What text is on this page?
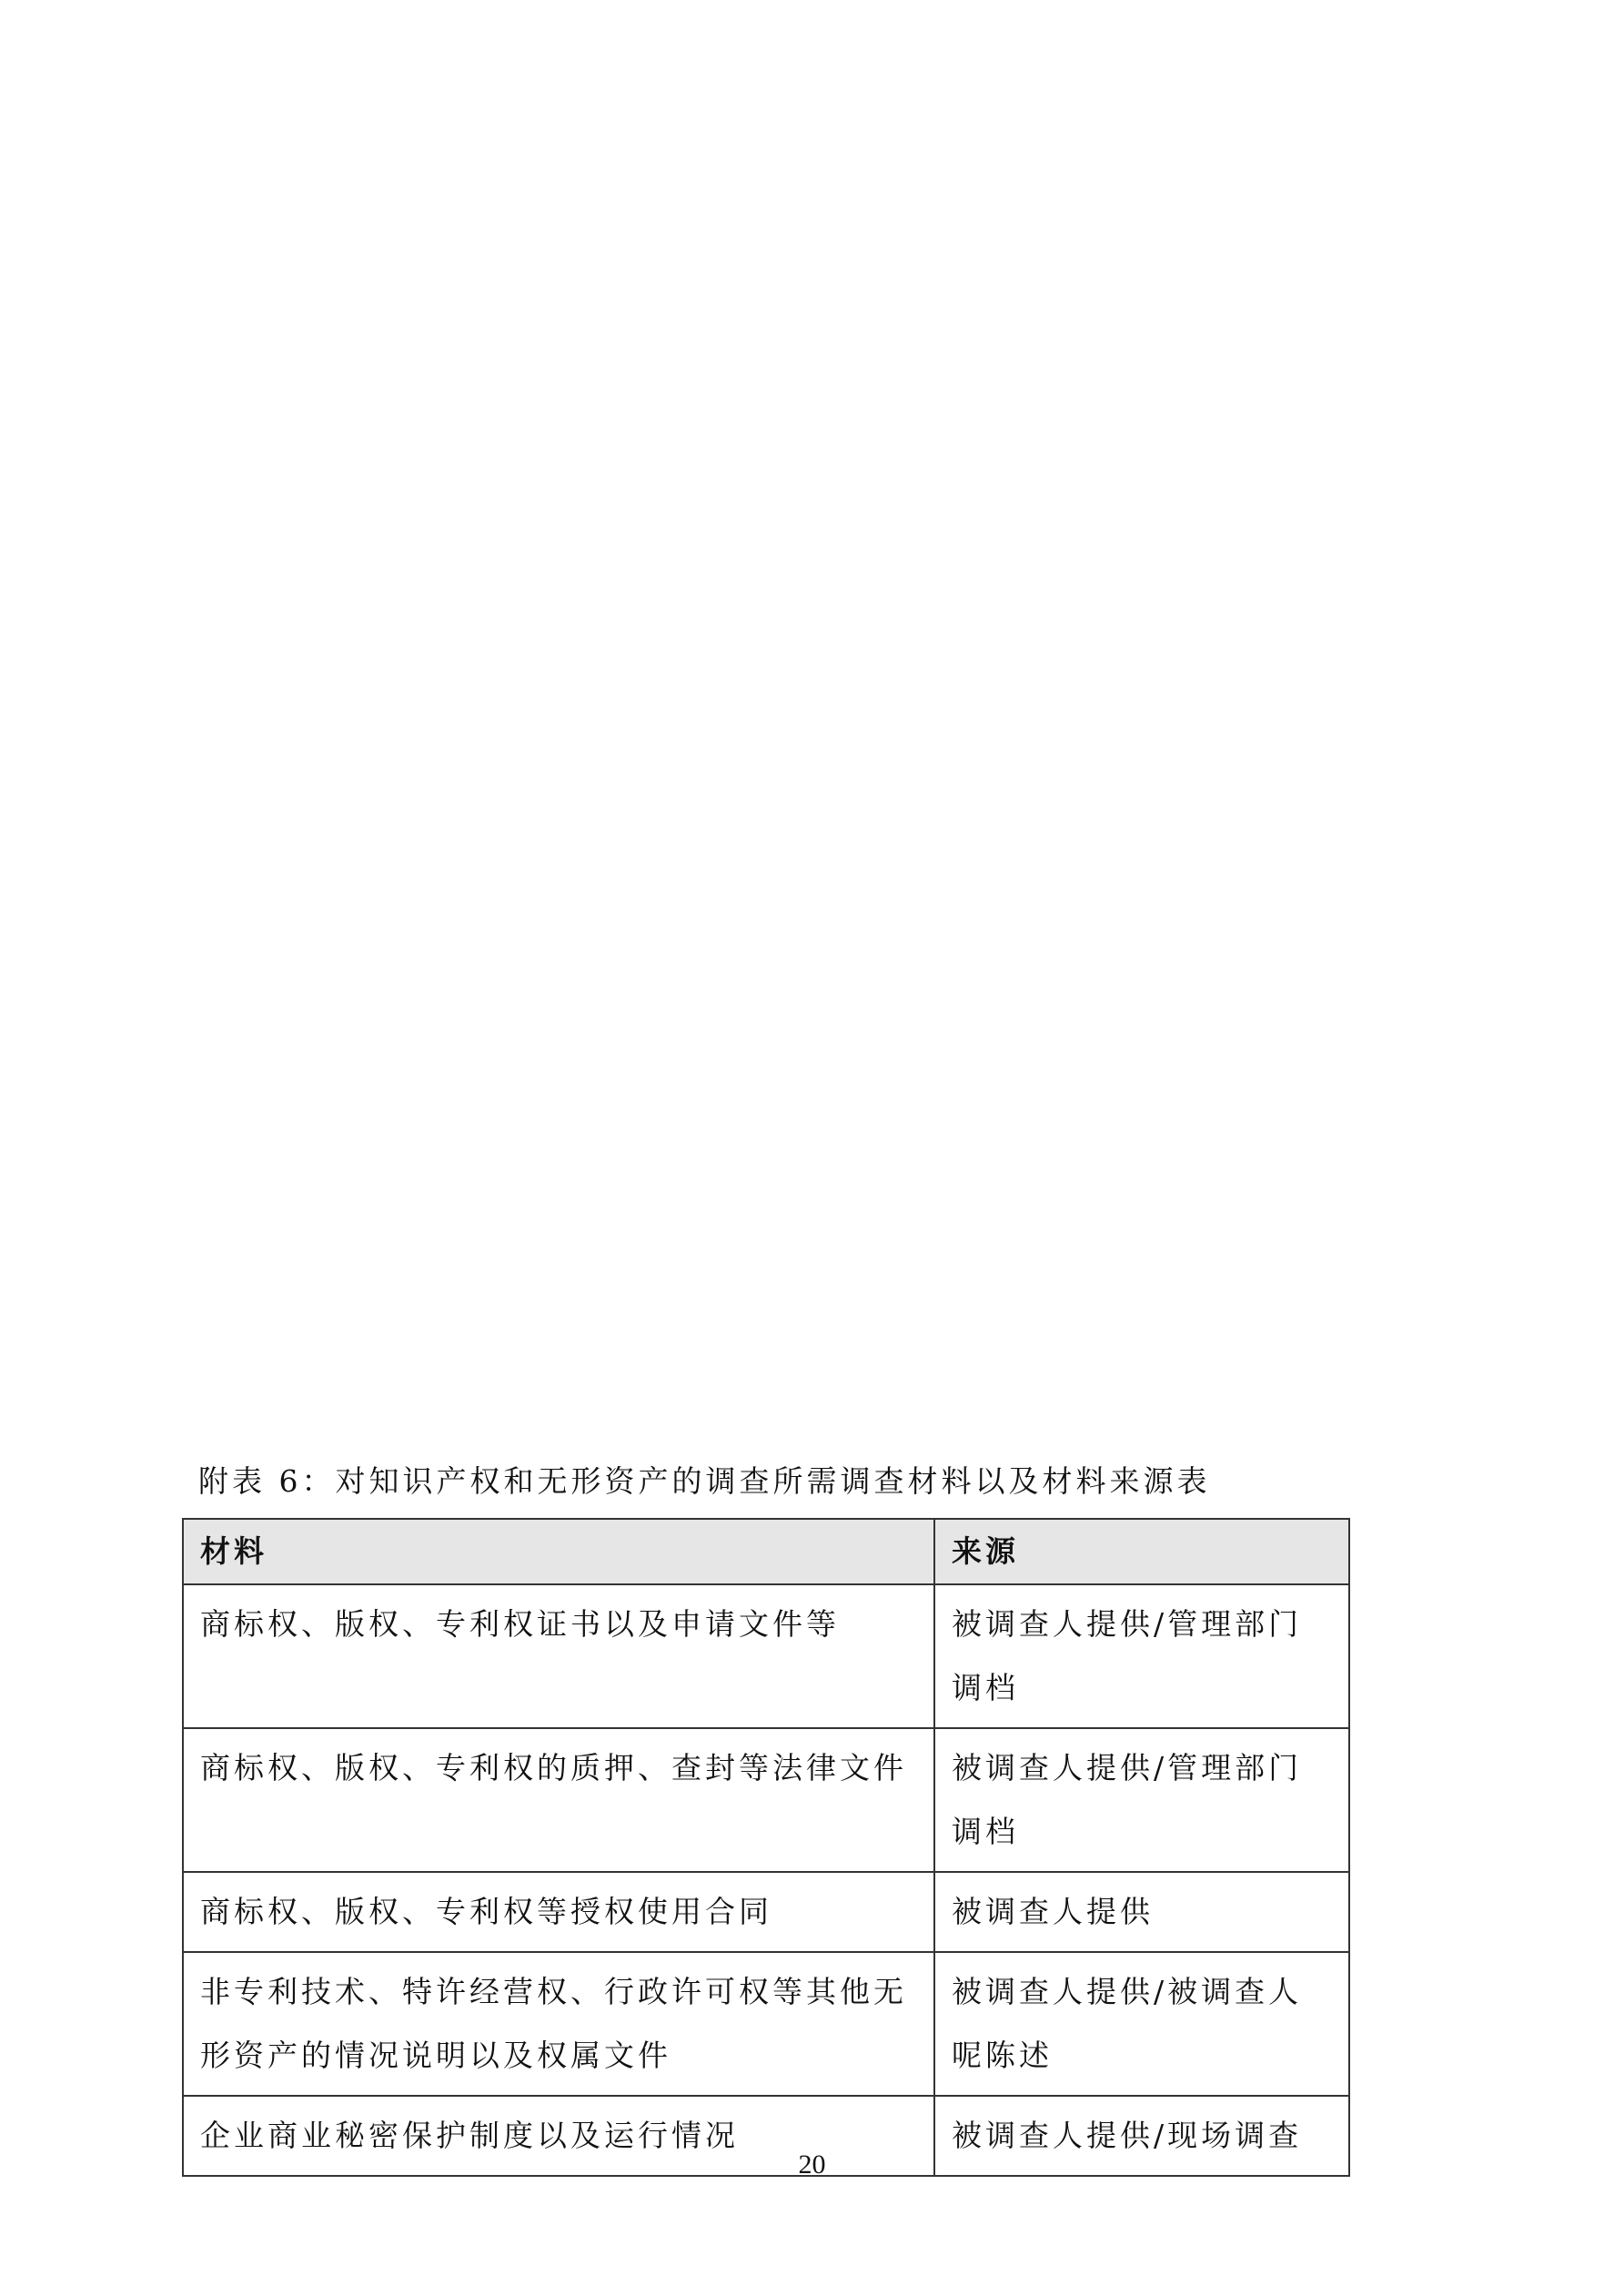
附表 6：对知识产权和无形资产的调查所需调查材料以及材料来源表
材料	来源
商标权、版权、专利权证书以及申请文件等	被调查人提供/管理部门调档
商标权、版权、专利权的质押、查封等法律文件	被调查人提供/管理部门调档
商标权、版权、专利权等授权使用合同	被调查人提供
非专利技术、特许经营权、行政许可权等其他无形资产的情况说明以及权属文件	被调查人提供/被调查人呢陈述
企业商业秘密保护制度以及运行情况	被调查人提供/现场调查
20
